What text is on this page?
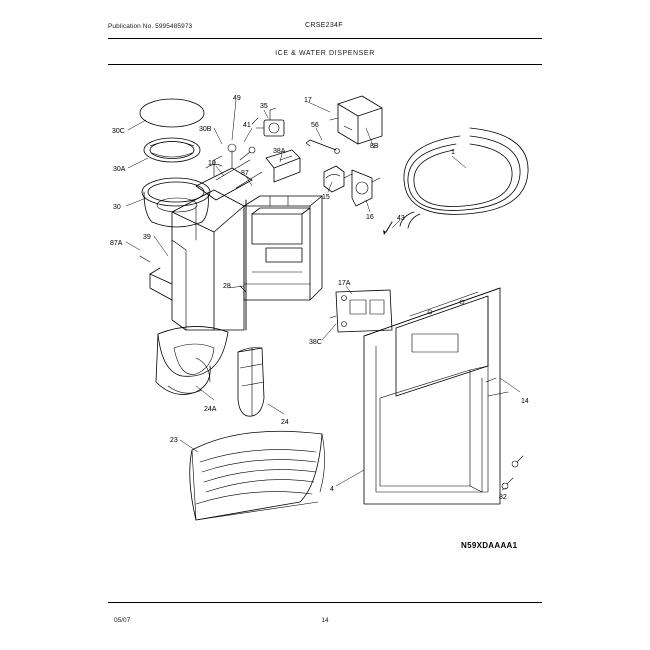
Publication No. 5995485973	CRSE234F
ICE & WATER DISPENSER
30C	30B
49
35
17
41	56
8B
1
30A
10
87
38A
15
16
30
43
39
87A
28	17A
38C
14
24A
24
23
4
82
N59XDAAAA1
05/07	14
